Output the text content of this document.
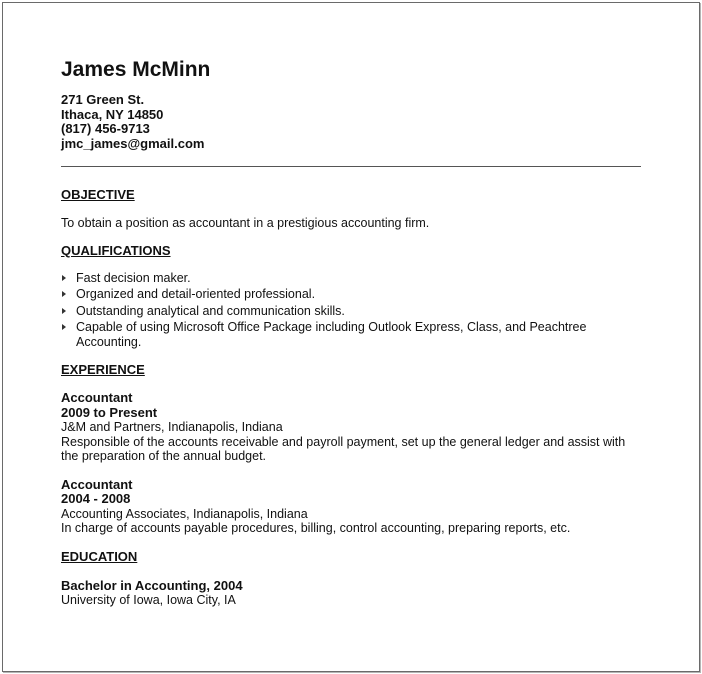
James McMinn
271 Green St.
Ithaca, NY 14850
(817) 456-9713
jmc_james@gmail.com
OBJECTIVE
To obtain a position as accountant in a prestigious accounting firm.
QUALIFICATIONS
Fast decision maker.
Organized and detail-oriented professional.
Outstanding analytical and communication skills.
Capable of using Microsoft Office Package including Outlook Express, Class, and Peachtree Accounting.
EXPERIENCE
Accountant
2009 to Present
J&M and Partners, Indianapolis, Indiana
Responsible of the accounts receivable and payroll payment, set up the general ledger and assist with the preparation of the annual budget.
Accountant
2004 - 2008
Accounting Associates, Indianapolis, Indiana
In charge of accounts payable procedures, billing, control accounting, preparing reports, etc.
EDUCATION
Bachelor in Accounting, 2004
University of Iowa, Iowa City, IA
